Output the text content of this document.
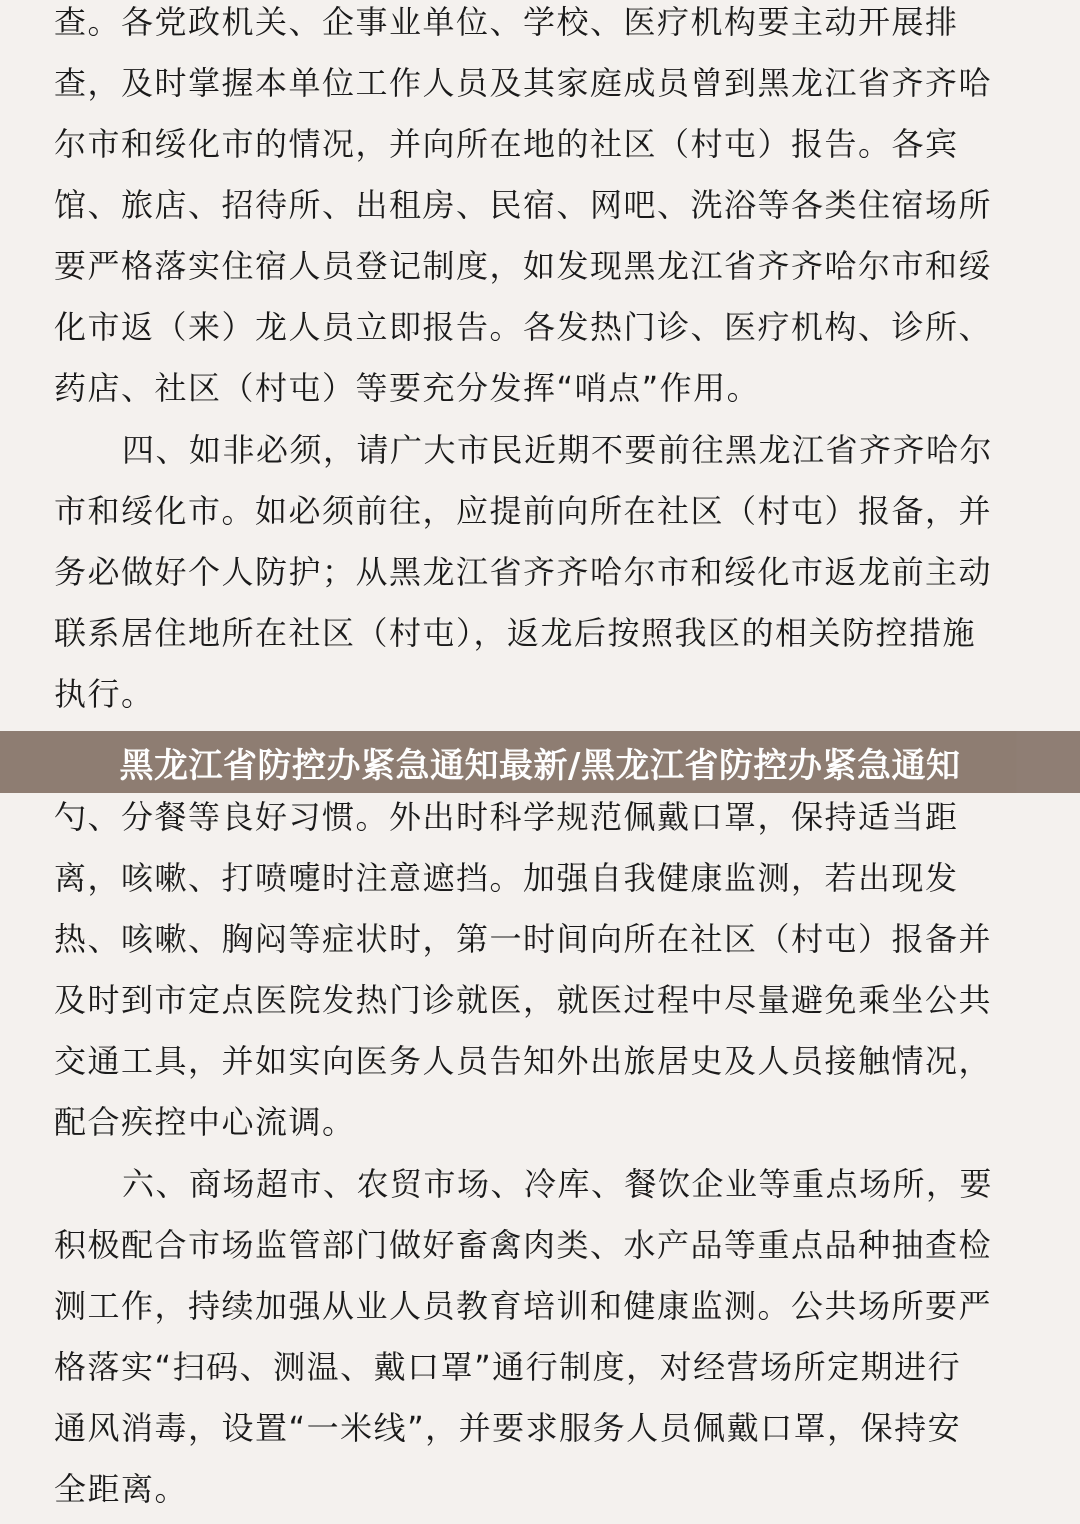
查。各党政机关、企事业单位、学校、医疗机构要主动开展排
查，及时掌握本单位工作人员及其家庭成员曾到黑龙江省齐齐哈
尔市和绥化市的情况，并向所在地的社区（村屯）报告。各宾
馆、旅店、招待所、出租房、民宿、网吧、洗浴等各类住宿场所
要严格落实住宿人员登记制度，如发现黑龙江省齐齐哈尔市和绥
化市返（来）龙人员立即报告。各发热门诊、医疗机构、诊所、
药店、社区（村屯）等要充分发挥“哨点”作用。
四、如非必须，请广大市民近期不要前往黑龙江省齐齐哈尔
市和绥化市。如必须前往，应提前向所在社区（村屯）报备，并
务必做好个人防护；从黑龙江省齐齐哈尔市和绥化市返龙前主动
联系居住地所在社区（村屯），返龙后按照我区的相关防控措施
执行。
勺、分餐等良好习惯。外出时科学规范佩戴口罩，保持适当距
离，咳嗽、打喷嚏时注意遮挡。加强自我健康监测，若出现发
热、咳嗽、胸闷等症状时，第一时间向所在社区（村屯）报备并
及时到市定点医院发热门诊就医，就医过程中尽量避免乘坐公共
交通工具，并如实向医务人员告知外出旅居史及人员接触情况，
配合疾控中心流调。
六、商场超市、农贸市场、冷库、餐饮企业等重点场所，要
积极配合市场监管部门做好畜禽肉类、水产品等重点品种抽查检
测工作，持续加强从业人员教育培训和健康监测。公共场所要严
格落实“扫码、测温、戴口罩”通行制度，对经营场所定期进行
通风消毒，设置“一米线”，并要求服务人员佩戴口罩，保持安
全距离。
黑龙江省防控办紧急通知最新/黑龙江省防控办紧急通知
